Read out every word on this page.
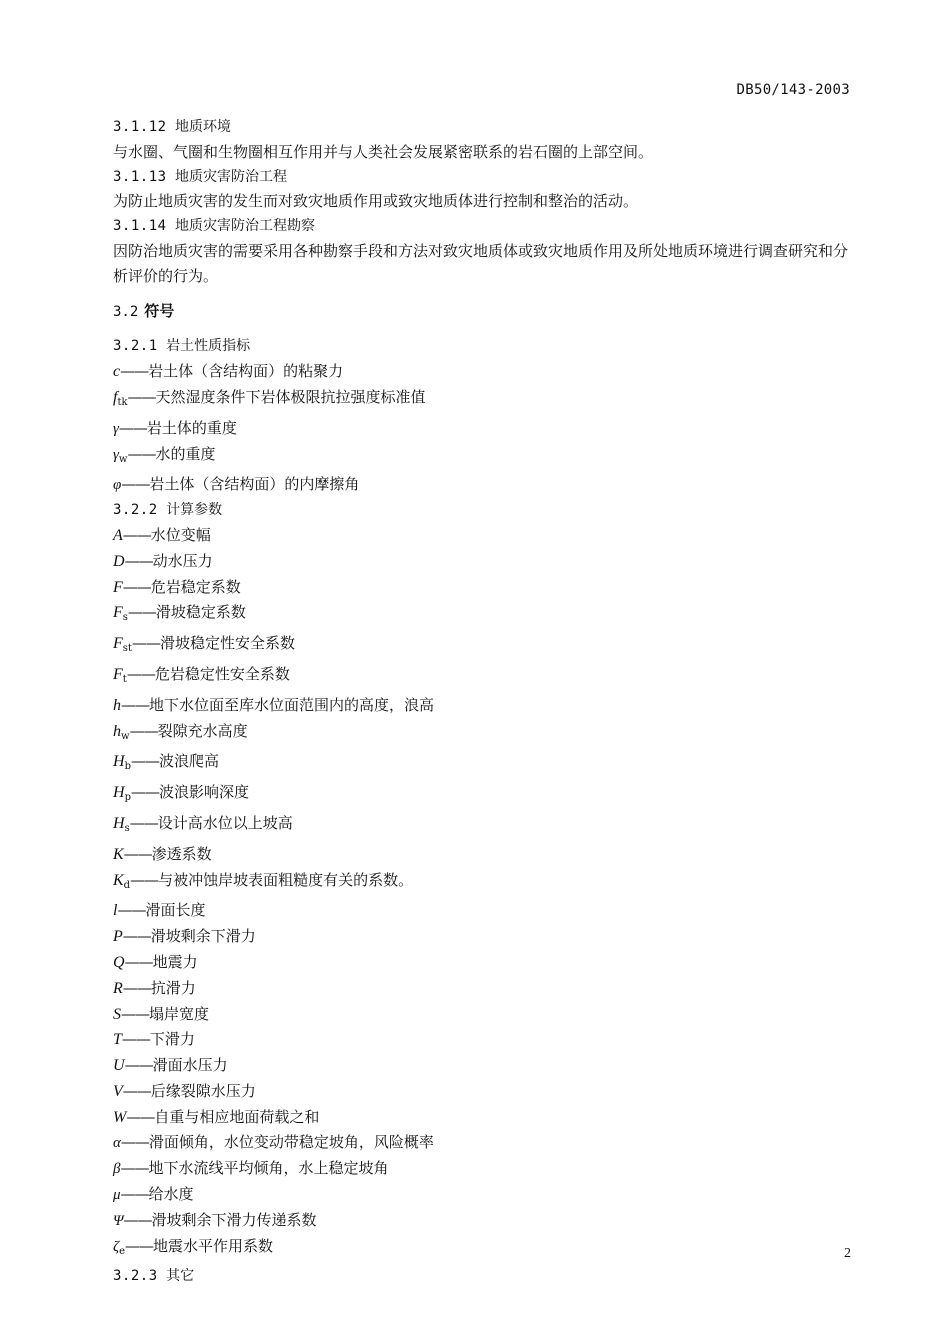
DB50/143-2003
3.1.12 地质环境
与水圈、气圈和生物圈相互作用并与人类社会发展紧密联系的岩石圈的上部空间。
3.1.13 地质灾害防治工程
为防止地质灾害的发生而对致灾地质作用或致灾地质体进行控制和整治的活动。
3.1.14 地质灾害防治工程勘察
因防治地质灾害的需要采用各种勘察手段和方法对致灾地质体或致灾地质作用及所处地质环境进行调查研究和分析评价的行为。
3.2 符号
3.2.1 岩土性质指标
c——岩土体（含结构面）的粘聚力
$f_{tk}——$天然湿度条件下岩体极限抗拉强度标准值
γ——岩土体的重度
$\gamma_w——$水的重度
φ——岩土体（含结构面）的内摩擦角
3.2.2 计算参数
A——水位变幅
D——动水压力
F——危岩稳定系数
$F_s——$滑坡稳定系数
$F_{st}——$滑坡稳定性安全系数
$F_t——$危岩稳定性安全系数
h——地下水位面至库水位面范围内的高度，浪高
$h_w——$裂隙充水高度
$H_b——$波浪爬高
$H_p——$波浪影响深度
$H_s——$设计高水位以上坡高
K——渗透系数
$K_d——$与被冲蚀岸坡表面粗糙度有关的系数。
l——滑面长度
P——滑坡剩余下滑力
Q——地震力
R——抗滑力
S——塌岸宽度
T——下滑力
U——滑面水压力
V——后缘裂隙水压力
W——自重与相应地面荷载之和
α——滑面倾角，水位变动带稳定坡角，风险概率
β——地下水流线平均倾角，水上稳定坡角
μ——给水度
Ψ——滑坡剩余下滑力传递系数
$\zeta_e——$地震水平作用系数
3.2.3 其它
2
